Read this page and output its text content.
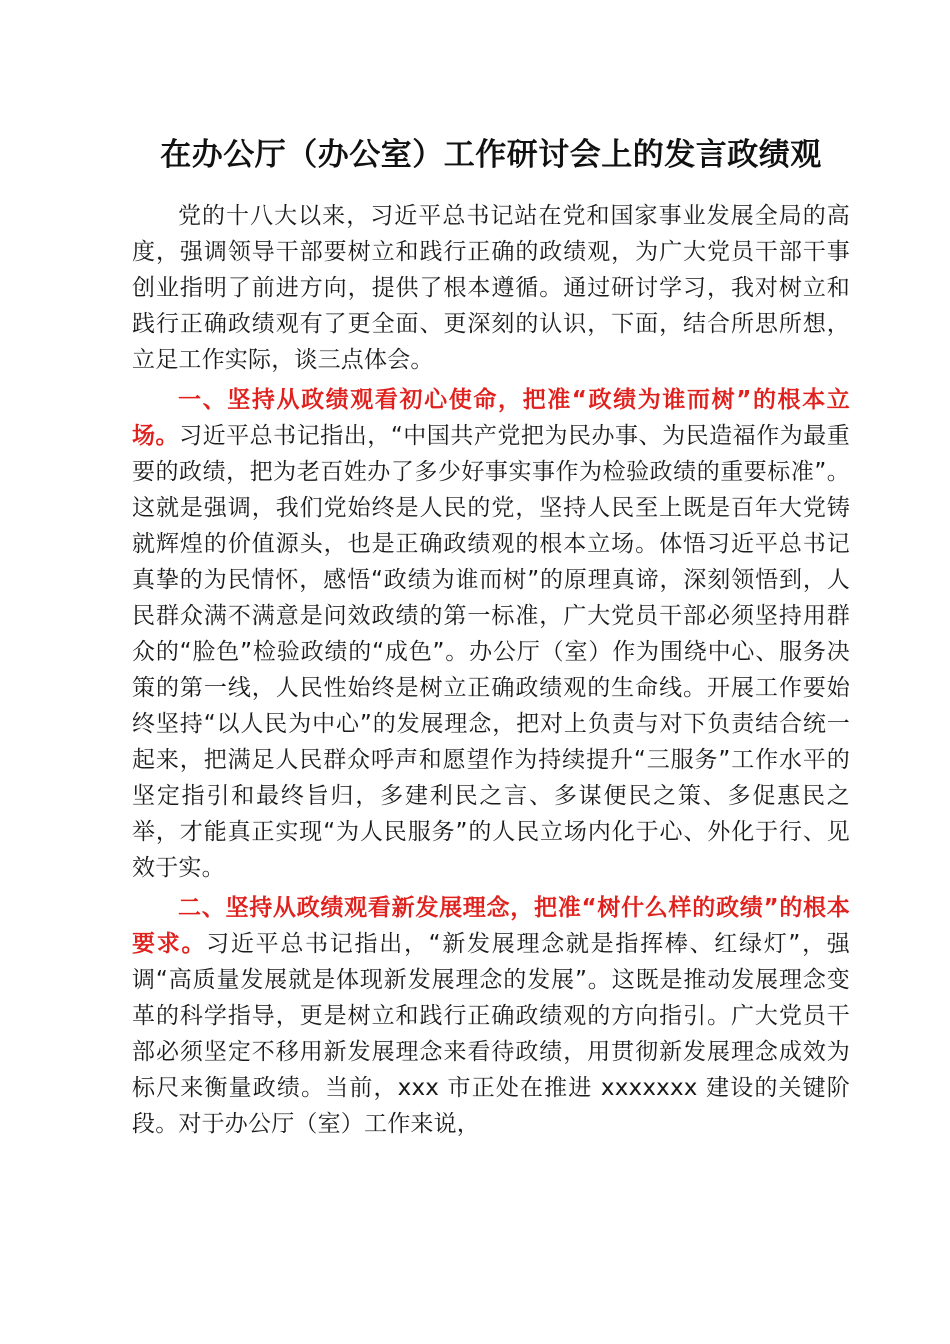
在办公厅（办公室）工作研讨会上的发言政绩观

党的十八大以来，习近平总书记站在党和国家事业发展全局的高度，强调领导干部要树立和践行正确的政绩观，为广大党员干部干事创业指明了前进方向，提供了根本遵循。通过研讨学习，我对树立和践行正确政绩观有了更全面、更深刻的认识，下面，结合所思所想，立足工作实际，谈三点体会。

一、坚持从政绩观看初心使命，把准“政绩为谁而树”的根本立场。习近平总书记指出，“中国共产党把为民办事、为民造福作为最重要的政绩，把为老百姓办了多少好事实事作为检验政绩的重要标准”。这就是强调，我们党始终是人民的党，坚持人民至上既是百年大党铸就辉煌的价值源头，也是正确政绩观的根本立场。体悟习近平总书记真挚的为民情怀，感悟“政绩为谁而树”的原理真谛，深刻领悟到，人民群众满不满意是问效政绩的第一标准，广大党员干部必须坚持用群众的“脸色”检验政绩的“成色”。办公厅（室）作为围绕中心、服务决策的第一线，人民性始终是树立正确政绩观的生命线。开展工作要始终坚持“以人民为中心”的发展理念，把对上负责与对下负责结合统一起来，把满足人民群众呼声和愿望作为持续提升“三服务”工作水平的坚定指引和最终旨归，多建利民之言、多谋便民之策、多促惠民之举，才能真正实现“为人民服务”的人民立场内化于心、外化于行、见效于实。

二、坚持从政绩观看新发展理念，把准“树什么样的政绩”的根本要求。习近平总书记指出，“新发展理念就是指挥棒、红绿灯”，强调“高质量发展就是体现新发展理念的发展”。这既是推动发展理念变革的科学指导，更是树立和践行正确政绩观的方向指引。广大党员干部必须坚定不移用新发展理念来看待政绩，用贯彻新发展理念成效为标尺来衡量政绩。当前，xxx 市正处在推进 xxxxxxx 建设的关键阶段。对于办公厅（室）工作来说，
